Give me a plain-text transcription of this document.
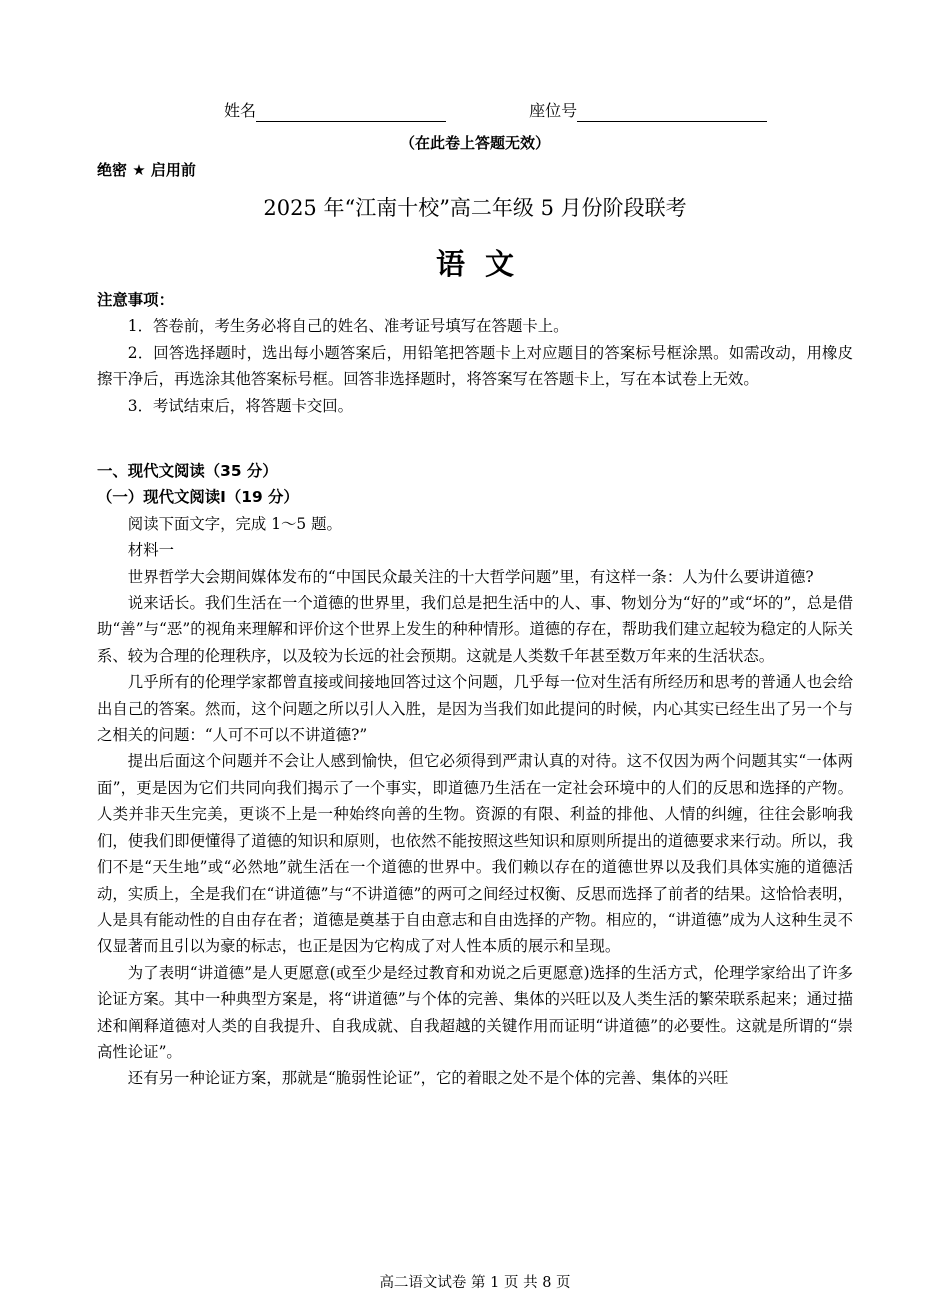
姓名	座位号
（在此卷上答题无效）
绝密 ★ 启用前
2025 年“江南十校”高二年级 5 月份阶段联考
语文

注意事项：

1．答卷前，考生务必将自己的姓名、准考证号填写在答题卡上。

2．回答选择题时，选出每小题答案后，用铅笔把答题卡上对应题目的答案标号框涂黑。如需改动，用橡皮擦干净后，再选涂其他答案标号框。回答非选择题时，将答案写在答题卡上，写在本试卷上无效。

3．考试结束后，将答题卡交回。

一、现代文阅读（35 分）

（一）现代文阅读Ⅰ（19 分）

阅读下面文字，完成 1～5 题。

材料一

世界哲学大会期间媒体发布的“中国民众最关注的十大哲学问题”里，有这样一条：人为什么要讲道德?

说来话长。我们生活在一个道德的世界里，我们总是把生活中的人、事、物划分为“好的”或“坏的”，总是借助“善”与“恶”的视角来理解和评价这个世界上发生的种种情形。道德的存在，帮助我们建立起较为稳定的人际关系、较为合理的伦理秩序，以及较为长远的社会预期。这就是人类数千年甚至数万年来的生活状态。

几乎所有的伦理学家都曾直接或间接地回答过这个问题，几乎每一位对生活有所经历和思考的普通人也会给出自己的答案。然而，这个问题之所以引人入胜，是因为当我们如此提问的时候，内心其实已经生出了另一个与之相关的问题：“人可不可以不讲道德?”

提出后面这个问题并不会让人感到愉快，但它必须得到严肃认真的对待。这不仅因为两个问题其实“一体两面”，更是因为它们共同向我们揭示了一个事实，即道德乃生活在一定社会环境中的人们的反思和选择的产物。人类并非天生完美，更谈不上是一种始终向善的生物。资源的有限、利益的排他、人情的纠缠，往往会影响我们，使我们即便懂得了道德的知识和原则，也依然不能按照这些知识和原则所提出的道德要求来行动。所以，我们不是“天生地”或“必然地”就生活在一个道德的世界中。我们赖以存在的道德世界以及我们具体实施的道德活动，实质上，全是我们在“讲道德”与“不讲道德”的两可之间经过权衡、反思而选择了前者的结果。这恰恰表明，人是具有能动性的自由存在者；道德是奠基于自由意志和自由选择的产物。相应的，“讲道德”成为人这种生灵不仅显著而且引以为豪的标志，也正是因为它构成了对人性本质的展示和呈现。

为了表明“讲道德”是人更愿意(或至少是经过教育和劝说之后更愿意)选择的生活方式，伦理学家给出了许多论证方案。其中一种典型方案是，将“讲道德”与个体的完善、集体的兴旺以及人类生活的繁荣联系起来；通过描述和阐释道德对人类的自我提升、自我成就、自我超越的关键作用而证明“讲道德”的必要性。这就是所谓的“崇高性论证”。

还有另一种论证方案，那就是“脆弱性论证”，它的着眼之处不是个体的完善、集体的兴旺

高二语文试卷 第 1 页 共 8 页
